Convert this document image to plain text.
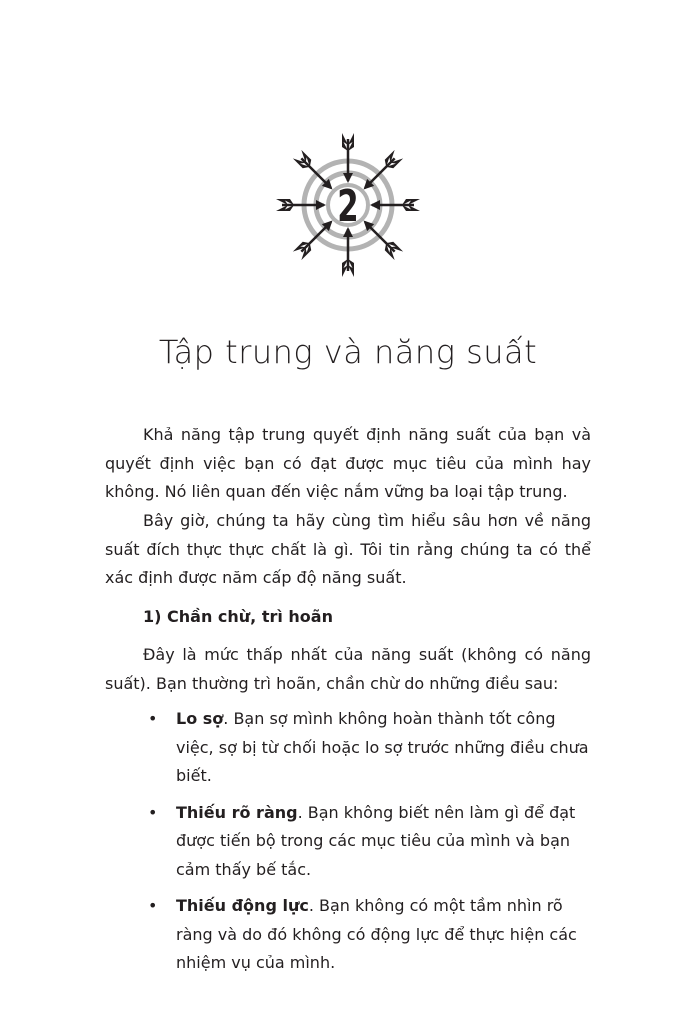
2
Tập trung và năng suất

Khả năng tập trung quyết định năng suất của bạn và quyết định việc bạn có đạt được mục tiêu của mình hay không. Nó liên quan đến việc nắm vững ba loại tập trung.

Bây giờ, chúng ta hãy cùng tìm hiểu sâu hơn về năng suất đích thực thực chất là gì. Tôi tin rằng chúng ta có thể xác định được năm cấp độ năng suất.

1) Chần chừ, trì hoãn

Đây là mức thấp nhất của năng suất (không có năng suất). Bạn thường trì hoãn, chần chừ do những điều sau:

• Lo sợ. Bạn sợ mình không hoàn thành tốt công việc, sợ bị từ chối hoặc lo sợ trước những điều chưa biết.
• Thiếu rõ ràng. Bạn không biết nên làm gì để đạt được tiến bộ trong các mục tiêu của mình và bạn cảm thấy bế tắc.
• Thiếu động lực. Bạn không có một tầm nhìn rõ ràng và do đó không có động lực để thực hiện các nhiệm vụ của mình.
